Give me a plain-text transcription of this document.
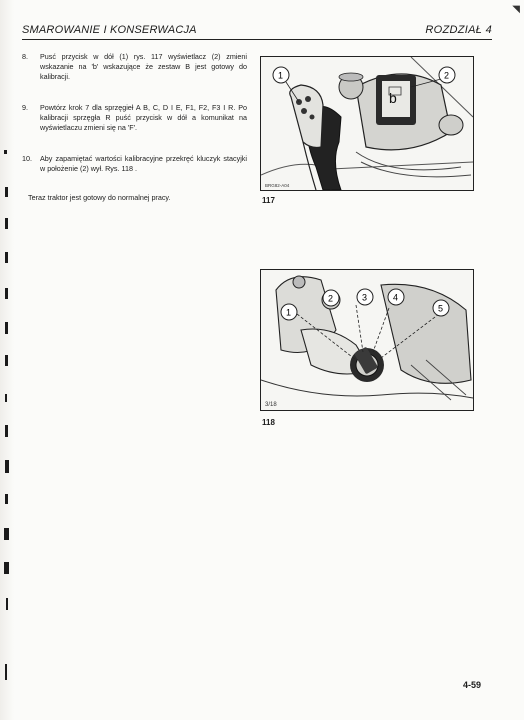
◥
SMAROWANIE I KONSERWACJA	ROZDZIAŁ 4
8. Pusć przycisk w dół (1) rys. 117 wyświetlacz (2) zmieni wskazanie na 'b' wskazujące że zestaw B jest gotowy do kalibracji.
9. Powtórz krok 7 dla sprzęgieł A B, C, D I E, F1, F2, F3 I R. Po kalibracji sprzęgła R puść przycisk w dół a komunikat na wyświetlaczu zmieni się na 'F'.
10. Aby zapamiętać wartości kalibracyjne przekręć kluczyk stacyjki w położenie (2) wył. Rys. 118 .
Teraz traktor jest gotowy do normalnej pracy.
b
1	2
BRG82-A04
117
1
2	3	4
5
3/18
118
4-59
